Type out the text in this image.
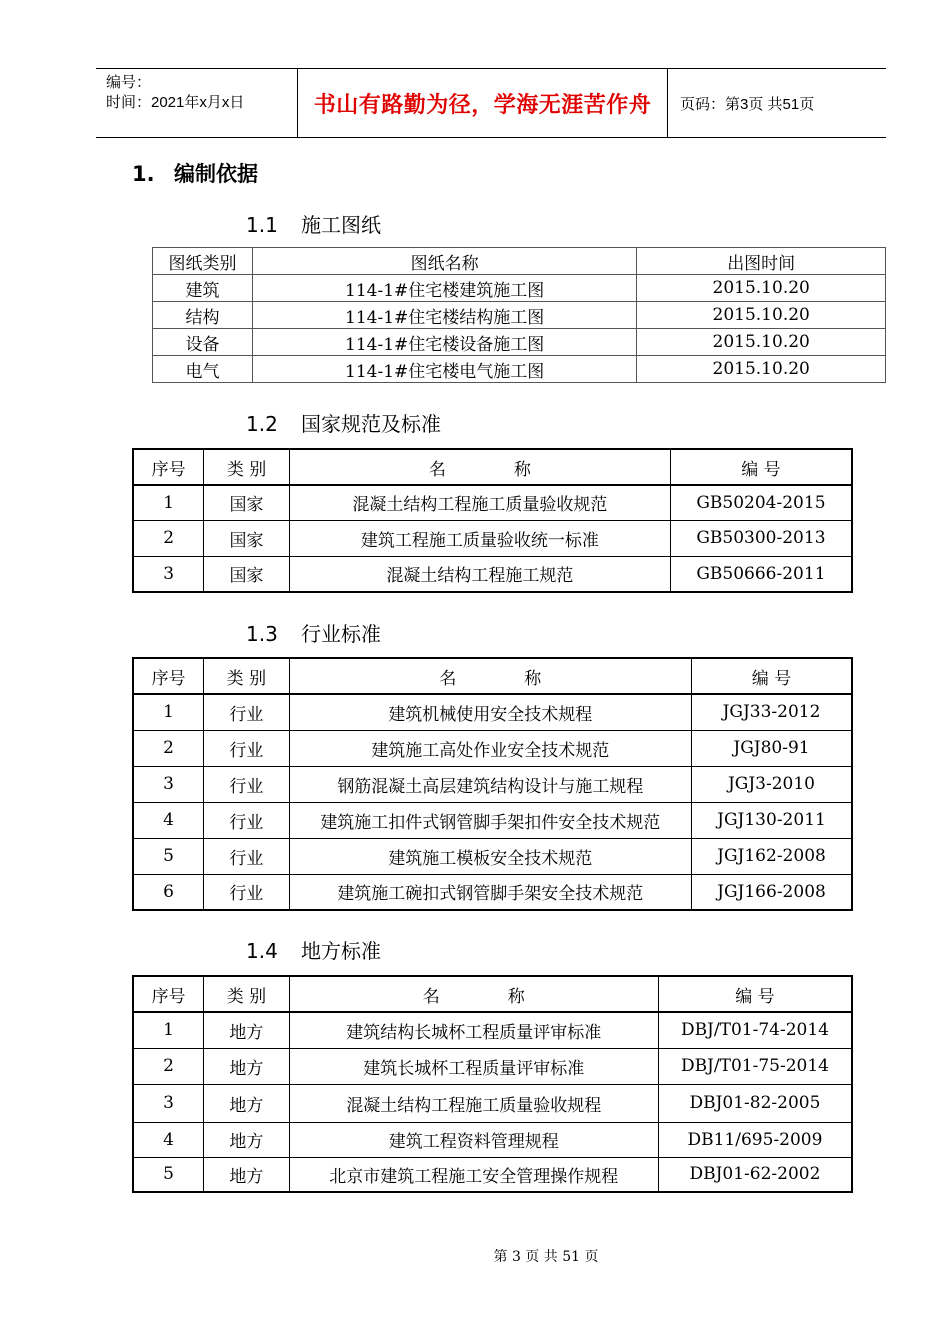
编号：
时间：2021年x月x日	书山有路勤为径，学海无涯苦作舟	页码：第3页 共51页
1. 编制依据
1.1 施工图纸
图纸类别	图纸名称	出图时间
建筑	114-1#住宅楼建筑施工图	2015.10.20
结构	114-1#住宅楼结构施工图	2015.10.20
设备	114-1#住宅楼设备施工图	2015.10.20
电气	114-1#住宅楼电气施工图	2015.10.20
1.2 国家规范及标准
序号	类 别	名　　　　称	编 号
1	国家	混凝土结构工程施工质量验收规范	GB50204-2015
2	国家	建筑工程施工质量验收统一标准	GB50300-2013
3	国家	混凝土结构工程施工规范	GB50666-2011
1.3 行业标准
序号	类 别	名　　　　称	编 号
1	行业	建筑机械使用安全技术规程	JGJ33-2012
2	行业	建筑施工高处作业安全技术规范	JGJ80-91
3	行业	钢筋混凝土高层建筑结构设计与施工规程	JGJ3-2010
4	行业	建筑施工扣件式钢管脚手架扣件安全技术规范	JGJ130-2011
5	行业	建筑施工模板安全技术规范	JGJ162-2008
6	行业	建筑施工碗扣式钢管脚手架安全技术规范	JGJ166-2008
1.4 地方标准
序号	类 别	名　　　　称	编 号
1	地方	建筑结构长城杯工程质量评审标准	DBJ/T01-74-2014
2	地方	建筑长城杯工程质量评审标准	DBJ/T01-75-2014
3	地方	混凝土结构工程施工质量验收规程	DBJ01-82-2005
4	地方	建筑工程资料管理规程	DB11/695-2009
5	地方	北京市建筑工程施工安全管理操作规程	DBJ01-62-2002
第 3 页 共 51 页
